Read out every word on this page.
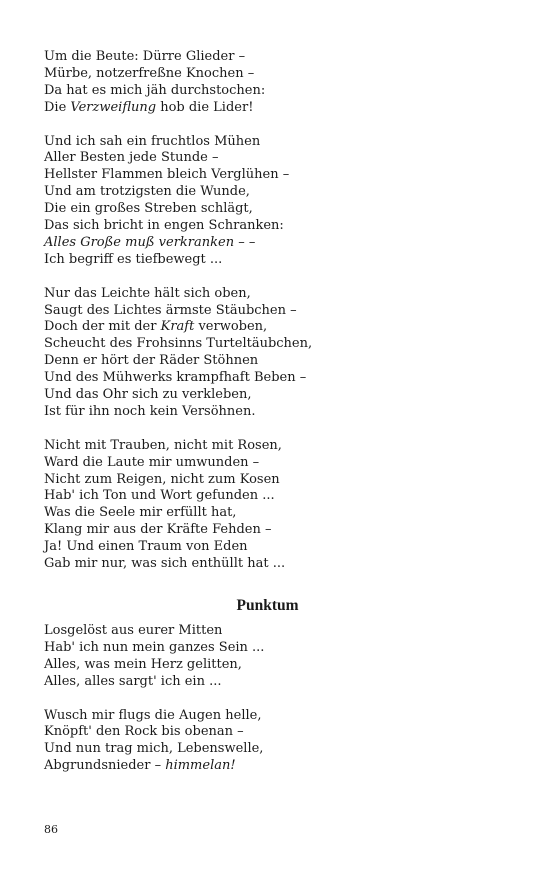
Um die Beute: Dürre Glieder –
Mürbe, notzerfreßne Knochen –
Da hat es mich jäh durchstochen:
Die Verzweiflung hob die Lider!
Und ich sah ein fruchtlos Mühen
Aller Besten jede Stunde –
Hellster Flammen bleich Verglühen –
Und am trotzigsten die Wunde,
Die ein großes Streben schlägt,
Das sich bricht in engen Schranken:
Alles Große muß verkranken – –
Ich begriff es tiefbewegt ...
Nur das Leichte hält sich oben,
Saugt des Lichtes ärmste Stäubchen –
Doch der mit der Kraft verwoben,
Scheucht des Frohsinns Turteltäubchen,
Denn er hört der Räder Stöhnen
Und des Mühwerks krampfhaft Beben –
Und das Ohr sich zu verkleben,
Ist für ihn noch kein Versöhnen.
Nicht mit Trauben, nicht mit Rosen,
Ward die Laute mir umwunden –
Nicht zum Reigen, nicht zum Kosen
Hab' ich Ton und Wort gefunden ...
Was die Seele mir erfüllt hat,
Klang mir aus der Kräfte Fehden –
Ja! Und einen Traum von Eden
Gab mir nur, was sich enthüllt hat ...
Punktum
Losgelöst aus eurer Mitten
Hab' ich nun mein ganzes Sein ...
Alles, was mein Herz gelitten,
Alles, alles sargt' ich ein ...
Wusch mir flugs die Augen helle,
Knöpft' den Rock bis obenan –
Und nun trag mich, Lebenswelle,
Abgrundsnieder – himmelan!
86
